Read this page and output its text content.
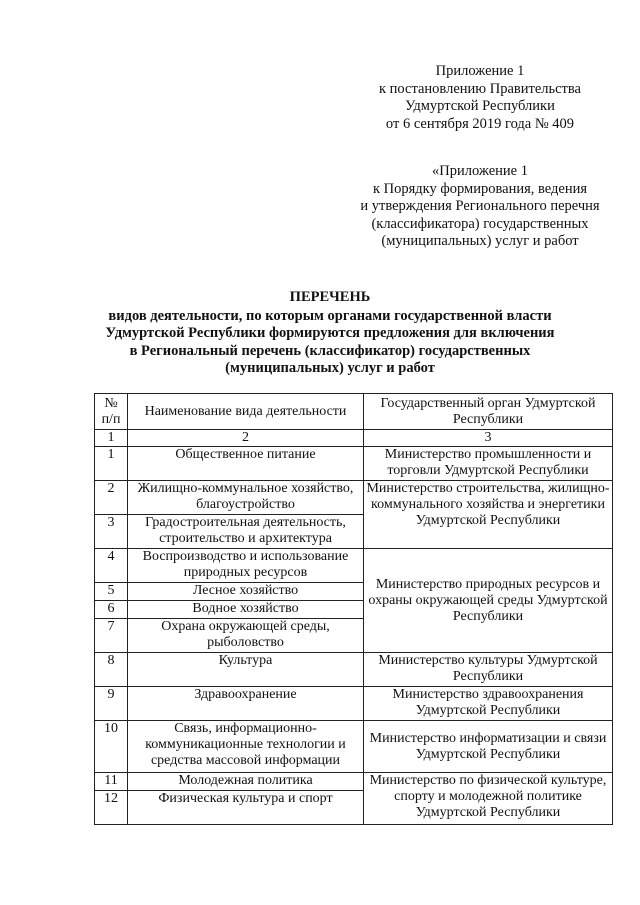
Приложение 1
к постановлению Правительства
Удмуртской Республики
от 6 сентября 2019 года № 409
«Приложение 1
к Порядку формирования, ведения
и утверждения Регионального перечня
(классификатора) государственных
(муниципальных) услуг и работ
ПЕРЕЧЕНЬ
видов деятельности, по которым органами государственной власти
Удмуртской Республики формируются предложения для включения
в Региональный перечень (классификатор) государственных
(муниципальных) услуг и работ
№
п/п	Наименование вида деятельности	Государственный орган Удмуртской Республики
1	2	3
1	Общественное питание	Министерство промышленности и торговли Удмуртской Республики
2	Жилищно-коммунальное хозяйство, благоустройство	Министерство строительства, жилищно-коммунального хозяйства и энергетики Удмуртской Республики
3	Градостроительная деятельность, строительство и архитектура	
4	Воспроизводство и использование природных ресурсов	Министерство природных ресурсов и охраны окружающей среды Удмуртской Республики
5	Лесное хозяйство	
6	Водное хозяйство	
7	Охрана окружающей среды, рыболовство	
8	Культура	Министерство культуры Удмуртской Республики
9	Здравоохранение	Министерство здравоохранения Удмуртской Республики
10	Связь, информационно-коммуникационные технологии и средства массовой информации	Министерство информатизации и связи Удмуртской Республики
11	Молодежная политика	Министерство по физической культуре, спорту и молодежной политике Удмуртской Республики
12	Физическая культура и спорт	
